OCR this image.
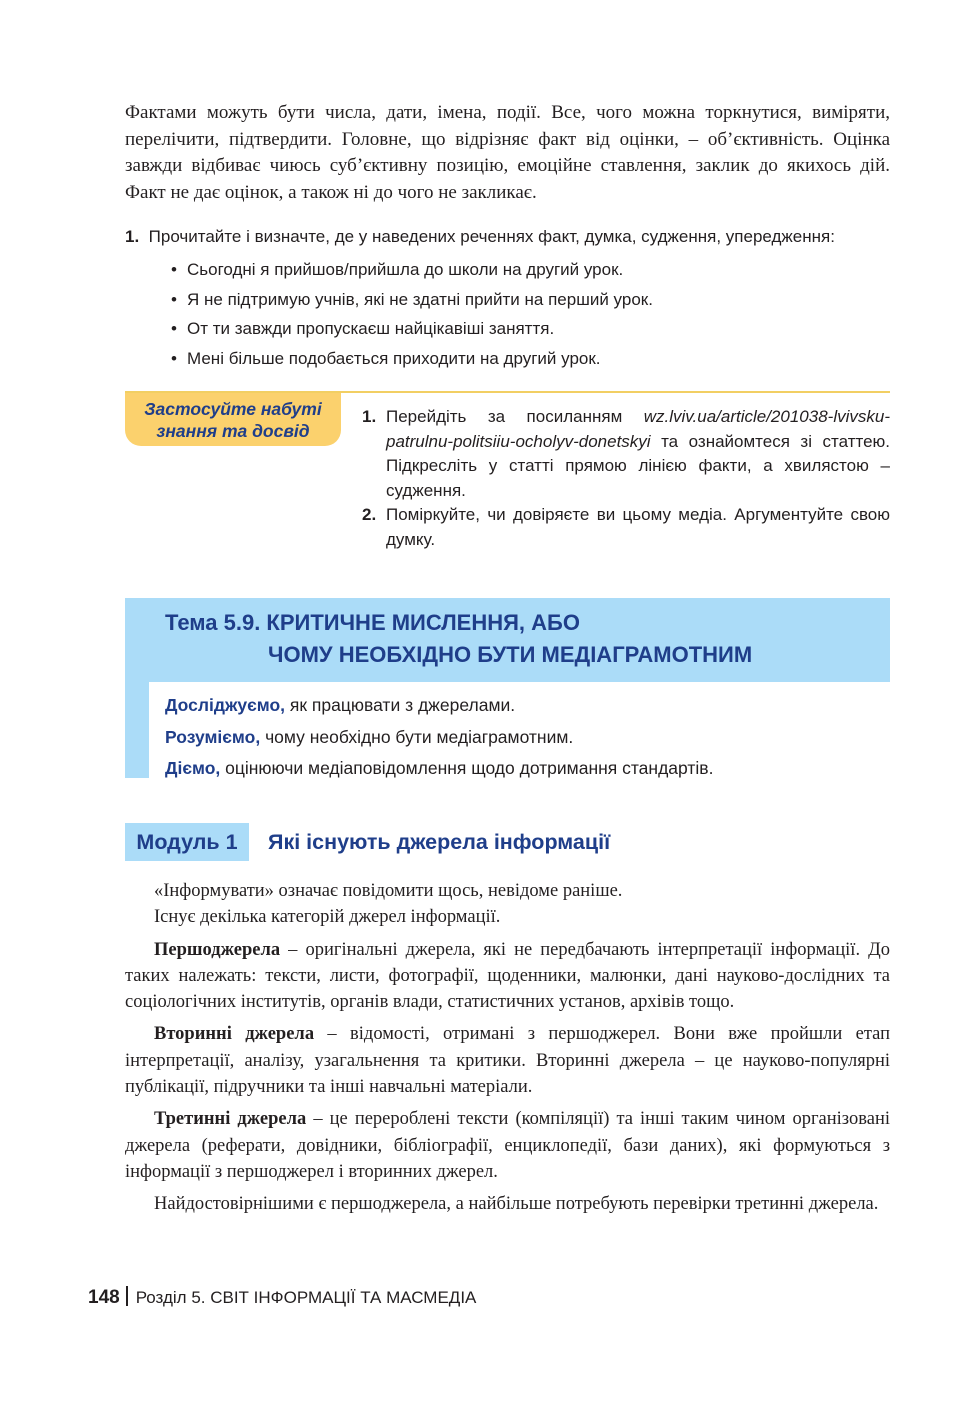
Фактами можуть бути числа, дати, імена, події. Все, чого можна торкнутися, виміряти, перелічити, підтвердити. Головне, що відрізняє факт від оцінки, – об’єктивність. Оцінка завжди відбиває чиюсь суб’єктивну позицію, емоційне ставлення, заклик до якихось дій. Факт не дає оцінок, а також ні до чого не закликає.
1. Прочитайте і визначте, де у наведених реченнях факт, думка, судження, упередження:
• Сьогодні я прийшов/прийшла до школи на другий урок.
• Я не підтримую учнів, які не здатні прийти на перший урок.
• От ти завжди пропускаєш найцікавіші заняття.
• Мені більше подобається приходити на другий урок.
Застосуйте набуті
знання та досвід
1. Перейдіть за посиланням wz.lviv.ua/article/201038-lvivsku-patrulnu-politsiiu-ocholyv-donetskyi та ознайомтеся зі статтею. Підкресліть у статті прямою лінією факти, а хвилястою – судження.
2. Поміркуйте, чи довіряєте ви цьому медіа. Аргументуйте свою думку.
Тема 5.9. КРИТИЧНЕ МИСЛЕННЯ, АБО
ЧОМУ НЕОБХІДНО БУТИ МЕДІАГРАМОТНИМ
Досліджуємо, як працювати з джерелами.
Розуміємо, чому необхідно бути медіаграмотним.
Діємо, оцінюючи медіаповідомлення щодо дотримання стандартів.
Модуль 1	Які існують джерела інформації

«Інформувати» означає повідомити щось, невідоме раніше.

Існує декілька категорій джерел інформації.

Першоджерела – оригінальні джерела, які не передбачають інтерпретації інформації. До таких належать: тексти, листи, фотографії, щоденники, малюнки, дані науково-дослідних та соціологічних інститутів, органів влади, статистичних установ, архівів тощо.

Вторинні джерела – відомості, отримані з першоджерел. Вони вже пройшли етап інтерпретації, аналізу, узагальнення та критики. Вторинні джерела – це науково-популярні публікації, підручники та інші навчальні матеріали.

Третинні джерела – це перероблені тексти (компіляції) та інші таким чином організовані джерела (реферати, довідники, бібліографії, енциклопедії, бази даних), які формуються з інформації з першоджерел і вторинних джерел.

Найдостовірнішими є першоджерела, а найбільше потребують перевірки третинні джерела.

148 Розділ 5. СВІТ ІНФОРМАЦІЇ ТА МАСМЕДІА
